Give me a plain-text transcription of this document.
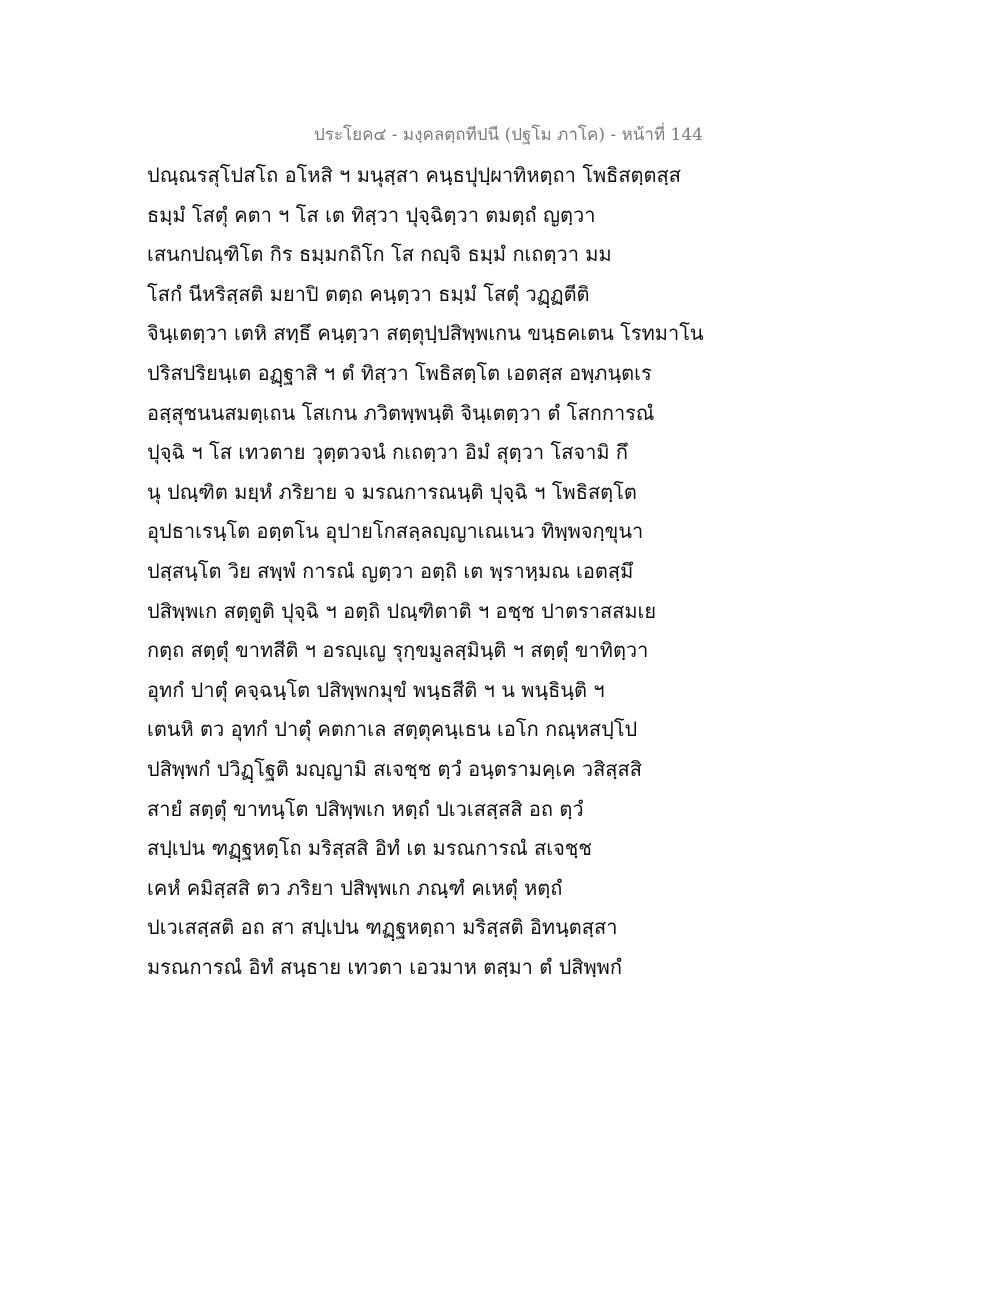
ประโยค๔ - มงฺคลตฺถทีปนี (ปฐโม ภาโค) - หน้าที่ 144
ปณฺณรสุโปสโถ อโหสิ ฯ มนุสฺสา คนฺธปุปฺผาทิหตฺถา โพธิสตฺตสฺส
ธมฺมํ โสตุํ คตา ฯ โส เต ทิสฺวา ปุจฺฉิตฺวา ตมตฺถํ ญตฺวา
เสนกปณฺฑิโต กิร ธมฺมกถิโก โส กญฺจิ ธมฺมํ กเถตฺวา มม
โสกํ นีหริสฺสติ มยาปิ ตตฺถ คนฺตฺวา ธมฺมํ โสตุํ วฏฺฏตีติ
จินฺเตตฺวา เตหิ สทฺธึ คนฺตฺวา สตฺตุปฺปสิพฺพเกน ขนฺธคเตน โรทมาโน
ปริสปริยนฺเต อฏฺฐาสิ ฯ ตํ ทิสฺวา โพธิสตฺโต เอตสฺส อพฺภนฺตเร
อสฺสุชนนสมตฺเถน โสเกน ภวิตพฺพนฺติ จินฺเตตฺวา ตํ โสกการณํ
ปุจฺฉิ ฯ โส เทวตาย วุตฺตวจนํ กเถตฺวา อิมํ สุตฺวา โสจามิ กึ
นุ ปณฺฑิต มยฺหํ ภริยาย จ มรณการณนฺติ ปุจฺฉิ ฯ โพธิสตฺโต
อุปธาเรนฺโต อตฺตโน อุปายโกสลฺลญฺญาเณเนว ทิพฺพจกฺขุนา
ปสฺสนฺโต วิย สพฺพํ การณํ ญตฺวา อตฺถิ เต พฺราหฺมณ เอตสฺมึ
ปสิพฺพเก สตฺตูติ ปุจฺฉิ ฯ อตฺถิ ปณฺฑิตาติ ฯ อชฺช ปาตราสสมเย
กตฺถ สตฺตุํ ขาทสีติ ฯ อรญฺเญ รุกฺขมูลสฺมินฺติ ฯ สตฺตุํ ขาทิตฺวา
อุทกํ ปาตุํ คจฺฉนฺโต ปสิพฺพกมุขํ พนฺธสีติ ฯ น พนฺธินฺติ ฯ
เตนหิ ตว อุทกํ ปาตุํ คตกาเล สตฺตุคนฺเธน เอโก กณฺหสปฺโป
ปสิพฺพกํ ปวิฏฺโฐติ มญฺญามิ สเจชฺช ตฺวํ อนฺตรามคฺเค วสิสฺสสิ
สายํ สตฺตุํ ขาทนฺโต ปสิพฺพเก หตฺถํ ปเวเสสฺสสิ อถ ตฺวํ
สปฺเปน ฑฏฺฐหตฺโถ มริสฺสสิ อิทํ เต มรณการณํ สเจชฺช
เคหํ คมิสฺสสิ ตว ภริยา ปสิพฺพเก ภณฺฑํ คเหตุํ หตฺถํ
ปเวเสสฺสติ อถ สา สปฺเปน ฑฏฺฐหตฺถา มริสฺสติ อิทนฺตสฺสา
มรณการณํ อิทํ สนฺธาย เทวตา เอวมาห ตสฺมา ตํ ปสิพฺพกํ
